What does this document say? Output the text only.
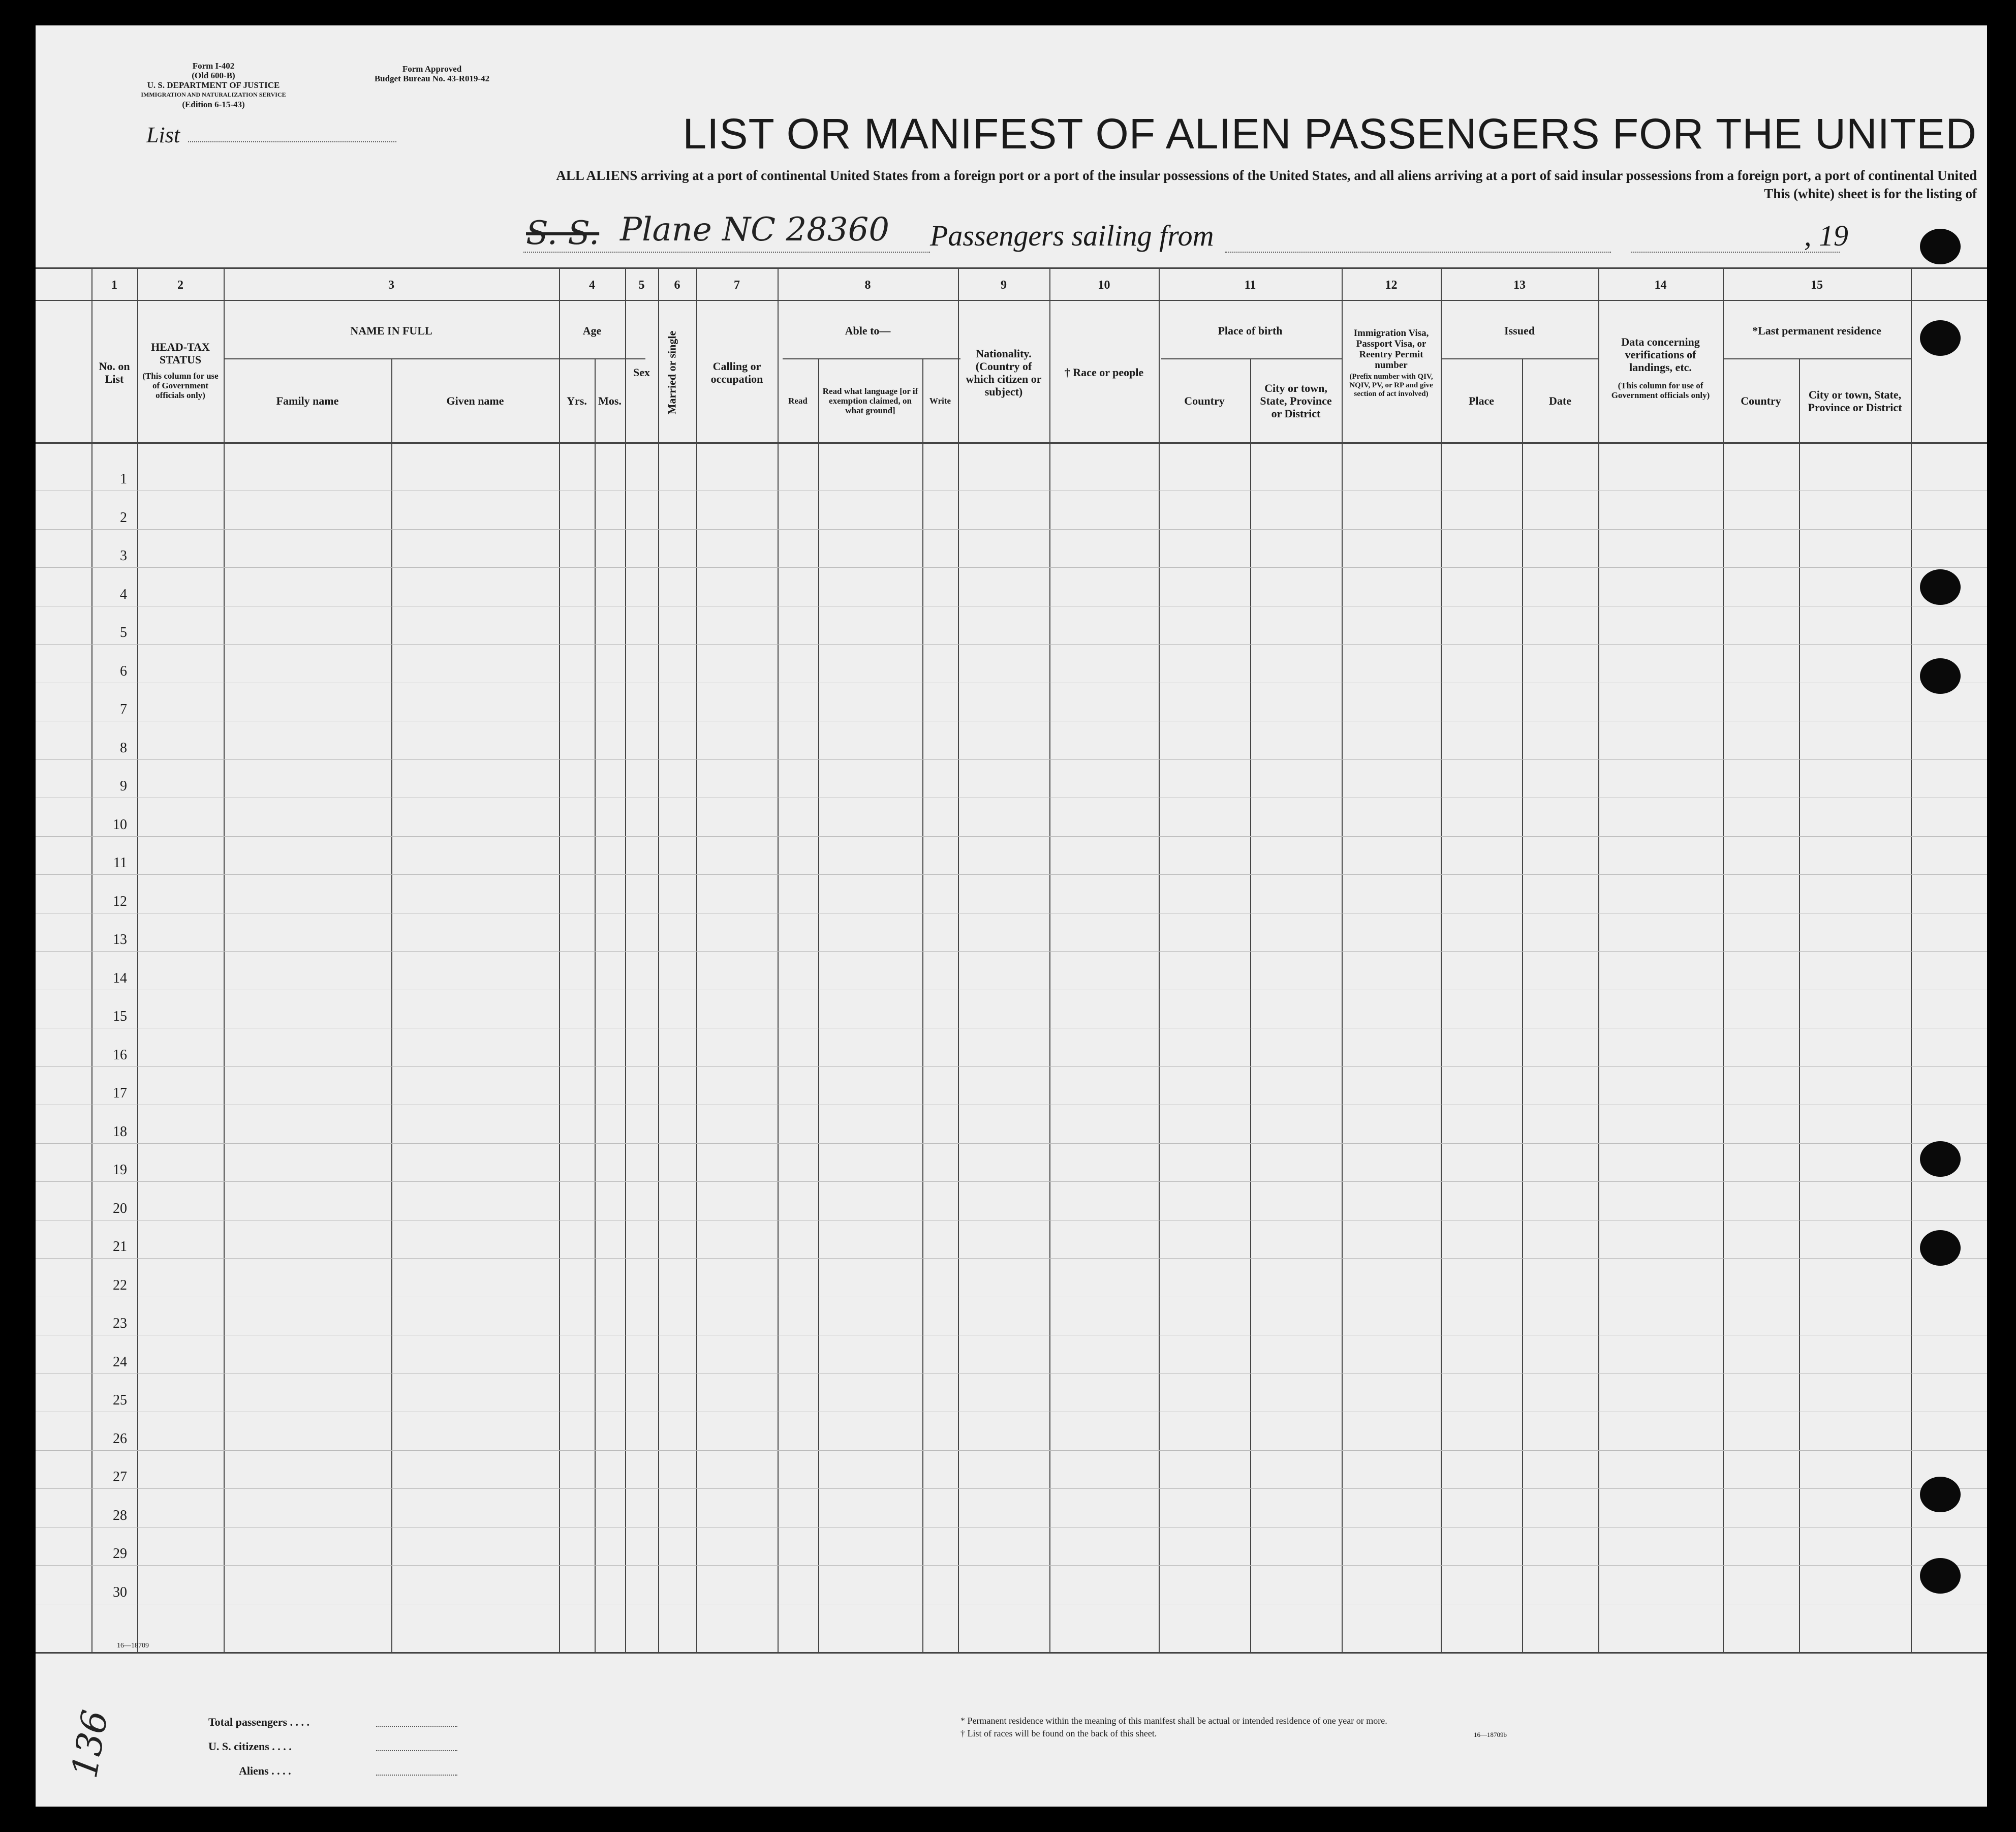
Form I-402
(Old 600-B)
U. S. DEPARTMENT OF JUSTICE
IMMIGRATION AND NATURALIZATION SERVICE
(Edition 6-15-43)
Form Approved
Budget Bureau No. 43-R019-42
List	LIST OR MANIFEST OF ALIEN PASSENGERS FOR THE UNITED
ALL ALIENS arriving at a port of continental United States from a foreign port or a port of the insular possessions of the United States, and all aliens arriving at a port of said insular possessions from a foreign port, a port of continental United
This (white) sheet is for the listing of
S. S. Plane NC 28360 Passengers sailing from	, 19
1	2	3	4	5	6	7	8	9	10	11	12	13	14	15
No. on List
HEAD-TAX STATUS
(This column for use of Government officials only)
NAME IN FULL
Family name	Given name
Age
Yrs.	Mos.
Sex	Married or single	Calling or occupation
Able to—
Read
Read what language [or if exemption claimed, on what ground]
Write
Nationality. (Country of which citizen or subject)
† Race or people
Place of birth
Country
City or town, State, Province or District
Immigration Visa, Passport Visa, or Reentry Permit number
(Prefix number with QIV, NQIV, PV, or RP and give section of act involved)
Issued
Place	Date
Data concerning verifications of landings, etc.
(This column for use of Government officials only)
*Last permanent residence
Country	City or town, State, Province or District
1
2
3
4
5
6
7
8
9
10
11
12
13
14
15
16
17
18
19
20
21
22
23
24
25
26
27
28
29
30
16—18709
Total passengers . . . .
U. S. citizens . . . .
Aliens . . . .
* Permanent residence within the meaning of this manifest shall be actual or intended residence of one year or more.
† List of races will be found on the back of this sheet.	16—18709b
136
